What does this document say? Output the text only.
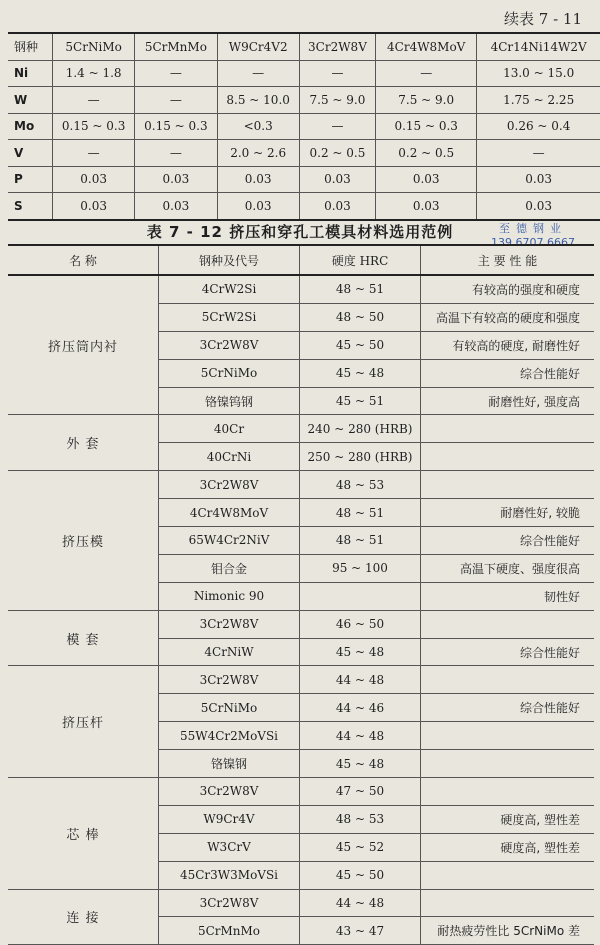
续表 7 - 11
钢种	5CrNiMo	5CrMnMo	W9Cr4V2	3Cr2W8V	4Cr4W8MoV	4Cr14Ni14W2V
Ni	1.4 ~ 1.8	—	—	—	—	13.0 ~ 15.0
W	—	—	8.5 ~ 10.0	7.5 ~ 9.0	7.5 ~ 9.0	1.75 ~ 2.25
Mo	0.15 ~ 0.3	0.15 ~ 0.3	<0.3	—	0.15 ~ 0.3	0.26 ~ 0.4
V	—	—	2.0 ~ 2.6	0.2 ~ 0.5	0.2 ~ 0.5	—
P	0.03	0.03	0.03	0.03	0.03	0.03
S	0.03	0.03	0.03	0.03	0.03	0.03
表 7 - 12 挤压和穿孔工模具材料选用范例	至德钢业
139 6707 6667
名 称	钢种及代号	硬度 HRC	主 要 性 能
挤压筒内衬	4CrW2Si	48 ~ 51	有较高的强度和硬度
	5CrW2Si	48 ~ 50	高温下有较高的硬度和强度
	3Cr2W8V	45 ~ 50	有较高的硬度, 耐磨性好
	5CrNiMo	45 ~ 48	综合性能好
	铬镍钨钢	45 ~ 51	耐磨性好, 强度高
外 套	40Cr	240 ~ 280 (HRB)	
	40CrNi	250 ~ 280 (HRB)	
挤压模	3Cr2W8V	48 ~ 53	
	4Cr4W8MoV	48 ~ 51	耐磨性好, 较脆
	65W4Cr2NiV	48 ~ 51	综合性能好
	钼合金	95 ~ 100	高温下硬度、强度很高
	Nimonic 90		韧性好
模 套	3Cr2W8V	46 ~ 50	
	4CrNiW	45 ~ 48	综合性能好
挤压杆	3Cr2W8V	44 ~ 48	
	5CrNiMo	44 ~ 46	综合性能好
	55W4Cr2MoVSi	44 ~ 48	
	铬镍钢	45 ~ 48	
芯 棒	3Cr2W8V	47 ~ 50	
	W9Cr4V	48 ~ 53	硬度高, 塑性差
	W3CrV	45 ~ 52	硬度高, 塑性差
	45Cr3W3MoVSi	45 ~ 50	
连 接	3Cr2W8V	44 ~ 48	
	5CrMnMo	43 ~ 47	耐热疲劳性比 5CrNiMo 差
